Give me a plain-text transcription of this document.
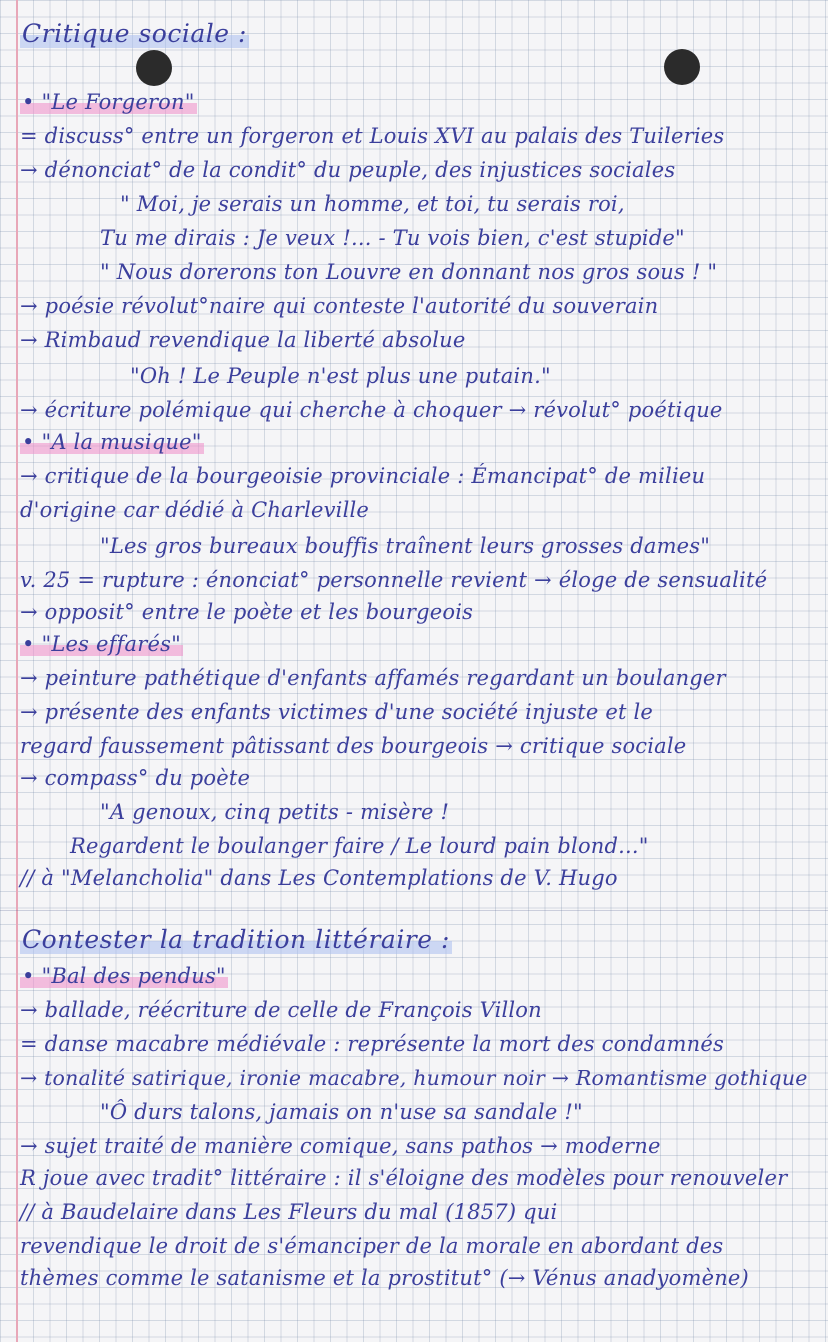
Critique sociale :
• "Le Forgeron"
= discuss° entre un forgeron et Louis XVI au palais des Tuileries
→ dénonciat° de la condit° du peuple, des injustices sociales
" Moi, je serais un homme, et toi, tu serais roi,
Tu me dirais : Je veux !... - Tu vois bien, c'est stupide"
" Nous dorerons ton Louvre en donnant nos gros sous ! "
→ poésie révolut°naire qui conteste l'autorité du souverain
→ Rimbaud revendique la liberté absolue
"Oh ! Le Peuple n'est plus une putain."
→ écriture polémique qui cherche à choquer → révolut° poétique
• "A la musique"
→ critique de la bourgeoisie provinciale : Émancipat° de milieu
d'origine car dédié à Charleville
"Les gros bureaux bouffis traînent leurs grosses dames"
v. 25 = rupture : énonciat° personnelle revient → éloge de sensualité
→ opposit° entre le poète et les bourgeois
• "Les effarés"
→ peinture pathétique d'enfants affamés regardant un boulanger
→ présente des enfants victimes d'une société injuste et le
regard faussement pâtissant des bourgeois → critique sociale
→ compass° du poète
"A genoux, cinq petits - misère !
Regardent le boulanger faire / Le lourd pain blond..."
// à "Melancholia" dans Les Contemplations de V. Hugo
Contester la tradition littéraire :
• "Bal des pendus"
→ ballade, réécriture de celle de François Villon
= danse macabre médiévale : représente la mort des condamnés
→ tonalité satirique, ironie macabre, humour noir → Romantisme gothique
"Ô durs talons, jamais on n'use sa sandale !"
→ sujet traité de manière comique, sans pathos → moderne
R joue avec tradit° littéraire : il s'éloigne des modèles pour renouveler
// à Baudelaire dans Les Fleurs du mal (1857) qui
revendique le droit de s'émanciper de la morale en abordant des
thèmes comme le satanisme et la prostitut° (→ Vénus anadyomène)
